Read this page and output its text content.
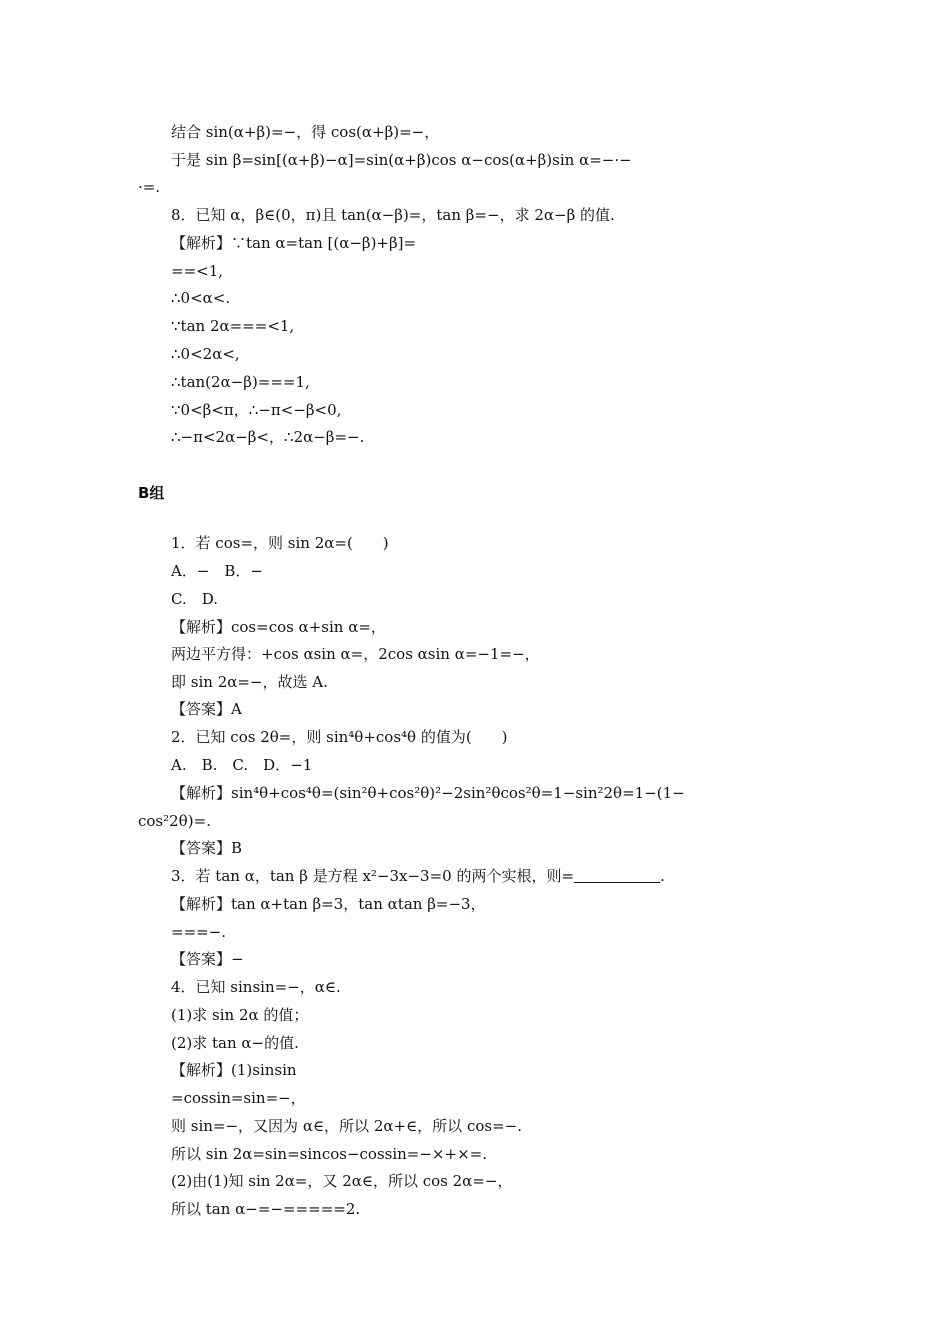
结合 sin(α+β)=−，得 cos(α+β)=−，
于是 sin β=sin[(α+β)−α]=sin(α+β)cos α−cos(α+β)sin α=−·−
·=.
8．已知 α，β∈(0，π)且 tan(α−β)=，tan β=−，求 2α−β 的值.
【解析】∵tan α=tan [(α−β)+β]=
==<1,
∴0<α<.
∵tan 2α===<1,
∴0<2α<,
∴tan(2α−β)===1,
∵0<β<π，∴−π<−β<0,
∴−π<2α−β<，∴2α−β=−.
B组
1．若 cos=，则 sin 2α=(　　)
A．−　B．−
C.　D.
【解析】cos=cos α+sin α=，
两边平方得：+cos αsin α=，2cos αsin α=−1=−，
即 sin 2α=−，故选 A.
【答案】A
2．已知 cos 2θ=，则 sin⁴θ+cos⁴θ 的值为(　　)
A.　B.　C.　D．−1
【解析】sin⁴θ+cos⁴θ=(sin²θ+cos²θ)²−2sin²θcos²θ=1−sin²2θ=1−(1−
cos²2θ)=.
【答案】B
3．若 tan α，tan β 是方程 x²−3x−3=0 的两个实根，则=	.
【解析】tan α+tan β=3，tan αtan β=−3，
===−.
【答案】−
4．已知 sinsin=−，α∈.
(1)求 sin 2α 的值；
(2)求 tan α−的值.
【解析】(1)sinsin
=cossin=sin=−，
则 sin=−，又因为 α∈，所以 2α+∈，所以 cos=−.
所以 sin 2α=sin=sincos−cossin=−×+×=.
(2)由(1)知 sin 2α=，又 2α∈，所以 cos 2α=−，
所以 tan α−=−=====2.
